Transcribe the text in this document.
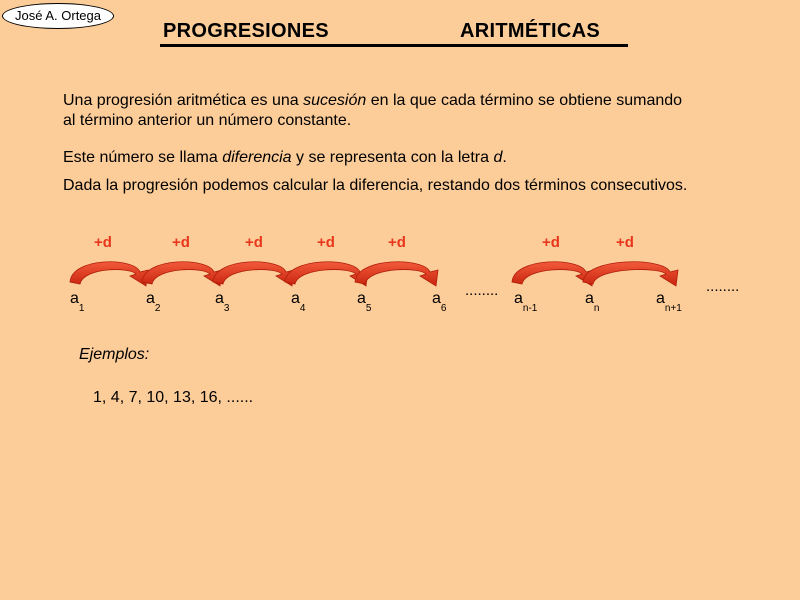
José A. Ortega
PROGRESIONES	ARITMÉTICAS
Una progresión aritmética es una sucesión en la que cada término se obtiene sumando al término anterior un número constante.
Este número se llama diferencia y se representa con la letra d.
Dada la progresión podemos calcular la diferencia, restando dos términos consecutivos.
+d	+d	+d	+d	+d	+d	+d
........	........
$a_1$
$a_2$
$a_3$
$a_4$
$a_5$
$a_6$
$a_{n-1}$
$a_n$
$a_{n+1}$
Ejemplos:
1, 4, 7, 10, 13, 16, ......
